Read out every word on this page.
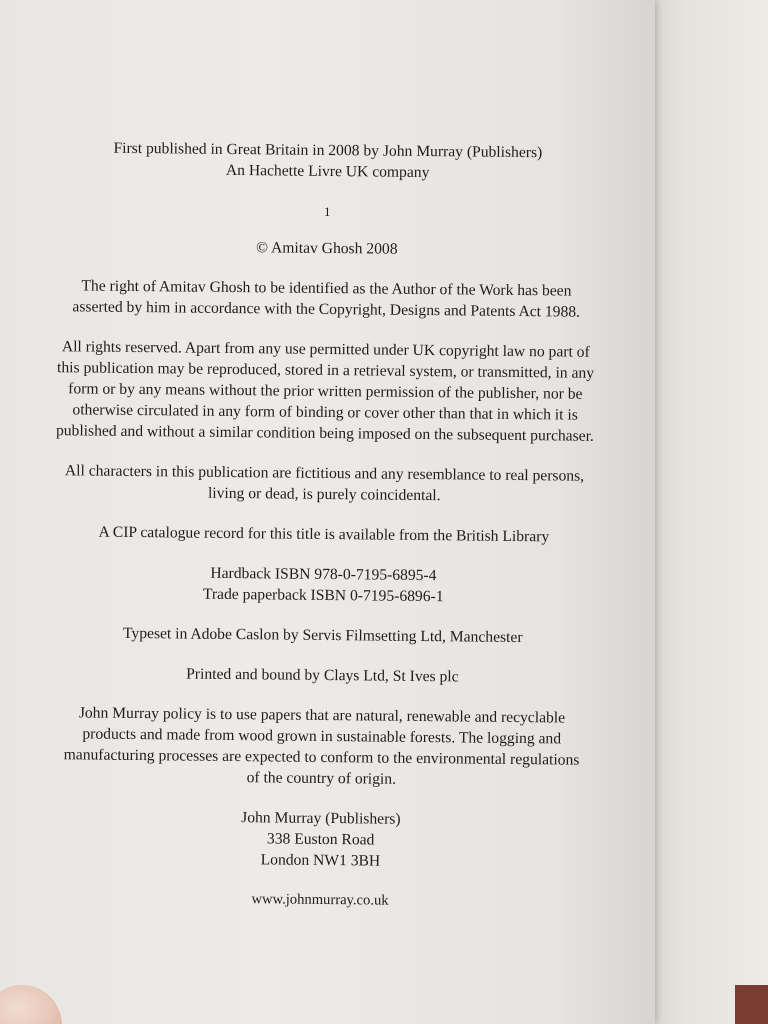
First published in Great Britain in 2008 by John Murray (Publishers)
An Hachette Livre UK company

1

© Amitav Ghosh 2008

The right of Amitav Ghosh to be identified as the Author of the Work has been
asserted by him in accordance with the Copyright, Designs and Patents Act 1988.

All rights reserved. Apart from any use permitted under UK copyright law no part of
this publication may be reproduced, stored in a retrieval system, or transmitted, in any
form or by any means without the prior written permission of the publisher, nor be
otherwise circulated in any form of binding or cover other than that in which it is
published and without a similar condition being imposed on the subsequent purchaser.

All characters in this publication are fictitious and any resemblance to real persons,
living or dead, is purely coincidental.

A CIP catalogue record for this title is available from the British Library

Hardback ISBN 978-0-7195-6895-4
Trade paperback ISBN 0-7195-6896-1

Typeset in Adobe Caslon by Servis Filmsetting Ltd, Manchester

Printed and bound by Clays Ltd, St Ives plc

John Murray policy is to use papers that are natural, renewable and recyclable
products and made from wood grown in sustainable forests. The logging and
manufacturing processes are expected to conform to the environmental regulations
of the country of origin.

John Murray (Publishers)
338 Euston Road
London NW1 3BH

www.johnmurray.co.uk
